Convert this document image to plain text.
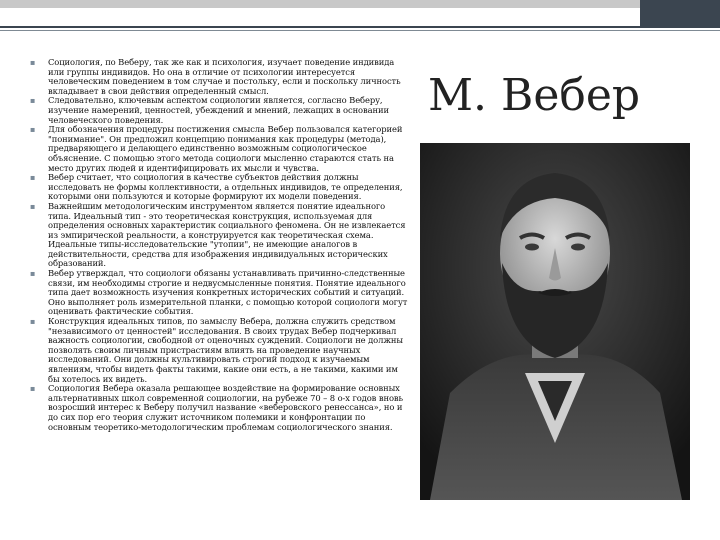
▪ Социология, по Веберу, так же как и психология, изучает поведение индивида или группы индивидов. Но она в отличие от психологии интересуется человеческим поведением в том случае и постольку, если и поскольку личность вкладывает в свои действия определенный смысл.
▪ Следовательно, ключевым аспектом социологии является, согласно Веберу, изучение намерений, ценностей, убеждений и мнений, лежащих в основании человеческого поведения.
▪ Для обозначения процедуры постижения смысла Вебер пользовался категорией "понимание". Он предложил концепцию понимания как процедуры (метода), предваряющего и делающего единственно возможным социологическое объяснение. С помощью этого метода социологи мысленно стараются стать на место других людей и идентифицировать их мысли и чувства.
▪ Вебер считает, что социология в качестве субъектов действия должны исследовать не формы коллективности, а отдельных индивидов, те определения, которыми они пользуются и которые формируют их модели поведения.
▪ Важнейшим методологическим инструментом является понятие идеального типа. Идеальный тип - это теоретическая конструкция, используемая для определения основных характеристик социального феномена. Он не извлекается из эмпирической реальности, а конструируется как теоретическая схема. Идеальные типы-исследовательские "утопии", не имеющие аналогов в действительности, средства для изображения индивидуальных исторических образований.
▪ Вебер утверждал, что социологи обязаны устанавливать причинно-следственные связи, им необходимы строгие и недвусмысленные понятия. Понятие идеального типа дает возможность изучения конкретных исторических событий и ситуаций. Оно выполняет роль измерительной планки, с помощью которой социологи могут оценивать фактические события.
▪ Конструкция идеальных типов, по замыслу Вебера, должна служить средством "независимого от ценностей" исследования. В своих трудах Вебер подчеркивал важность социологии, свободной от оценочных суждений. Социологи не должны позволять своим личным пристрастиям влиять на проведение научных исследований. Они должны культивировать строгий подход к изучаемым явлениям, чтобы видеть факты такими, какие они есть, а не такими, какими им бы хотелось их видеть.
▪ Социология Вебера оказала решающее воздействие на формирование основных альтернативных школ современной социологии, на рубеже 70 – 8 о-х годов вновь возросший интерес к Веберу получил название «веберовского ренессанса», но и до сих пор его теория служит источником полемики и конфронтации по основным теоретико-методологическим проблемам социологического знания.
М. Вебер
